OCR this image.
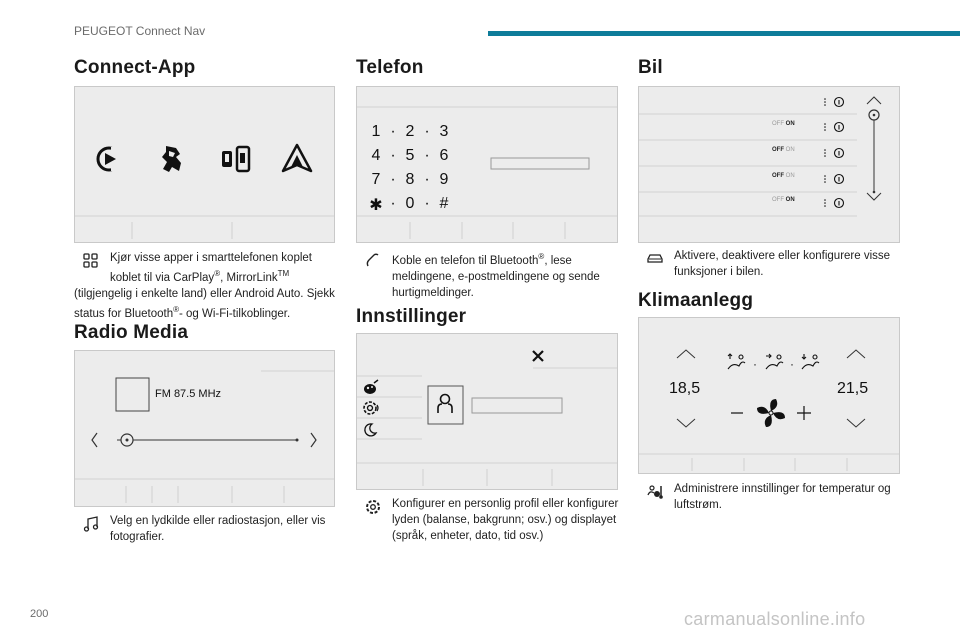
PEUGEOT Connect Nav
Connect-App
Kjør visse apper i smarttelefonen koplet koblet til via CarPlay®, MirrorLink™
(tilgjengelig i enkelte land) eller Android Auto. Sjekk status for Bluetooth®- og Wi-Fi-tilkoblinger.
Radio Media
FM 87.5 MHz
Velg en lydkilde eller radiostasjon, eller vis fotografier.
Telefon
1 · 2 · 3
4 · 5 · 6
7 · 8 · 9
✱ · 0 · #
Koble en telefon til Bluetooth®, lese meldingene, e-postmeldingene og sende hurtigmeldinger.
Innstillinger
Konfigurer en personlig profil eller konfigurer lyden (balanse, bakgrunn; osv.) og displayet (språk, enheter, dato, tid osv.)
Bil
OFF ON
OFF ON
OFF ON
OFF ON
Aktivere, deaktivere eller konfigurere visse funksjoner i bilen.
Klimaanlegg
·	·
18,5	21,5
Administrere innstillinger for temperatur og luftstrøm.
200	carmanualsonline.info
